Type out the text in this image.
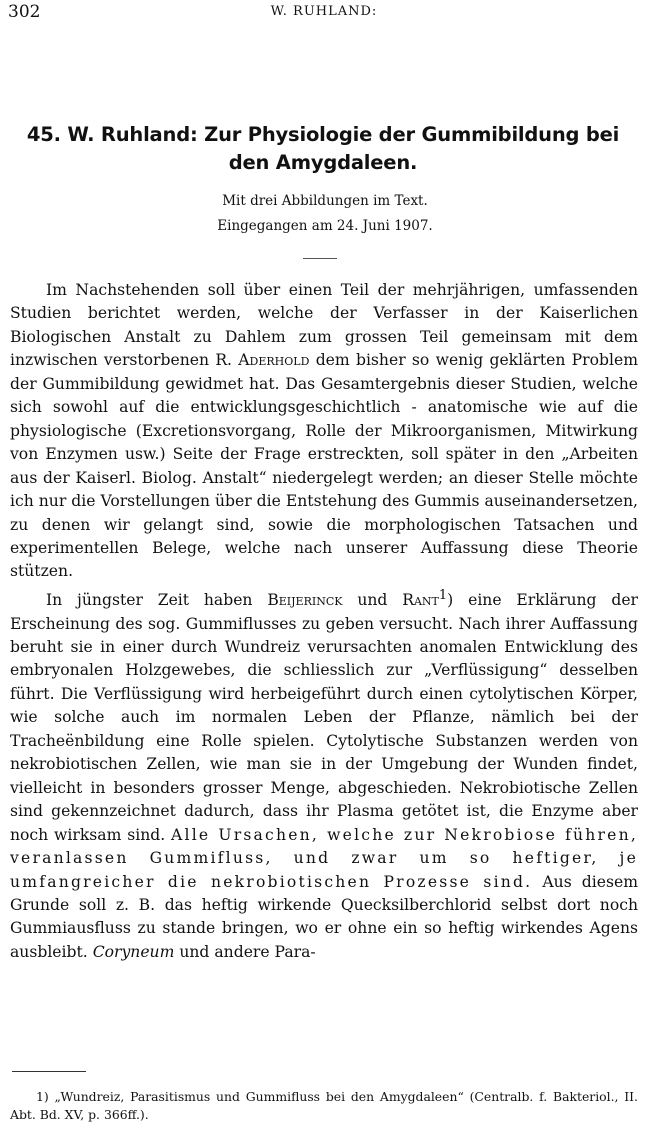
302	W. RUHLAND:
45. W. Ruhland: Zur Physiologie der Gummibildung bei den Amygdaleen.
Mit drei Abbildungen im Text.
Eingegangen am 24. Juni 1907.

Im Nachstehenden soll über einen Teil der mehrjährigen, umfassenden Studien berichtet werden, welche der Verfasser in der Kaiserlichen Biologischen Anstalt zu Dahlem zum grossen Teil gemeinsam mit dem inzwischen verstorbenen R. Aderhold dem bisher so wenig geklärten Problem der Gummibildung gewidmet hat. Das Gesamtergebnis dieser Studien, welche sich sowohl auf die entwicklungsgeschichtlich - anatomische wie auf die physiologische (Excretionsvorgang, Rolle der Mikroorganismen, Mitwirkung von Enzymen usw.) Seite der Frage erstreckten, soll später in den „Arbeiten aus der Kaiserl. Biolog. Anstalt“ niedergelegt werden; an dieser Stelle möchte ich nur die Vorstellungen über die Entstehung des Gummis auseinandersetzen, zu denen wir gelangt sind, sowie die morphologischen Tatsachen und experimentellen Belege, welche nach unserer Auffassung diese Theorie stützen.

In jüngster Zeit haben Beijerinck und Rant$^1$) eine Erklärung der Erscheinung des sog. Gummiflusses zu geben versucht. Nach ihrer Auffassung beruht sie in einer durch Wundreiz verursachten anomalen Entwicklung des embryonalen Holzgewebes, die schliesslich zur „Verflüssigung“ desselben führt. Die Verflüssigung wird herbeigeführt durch einen cytolytischen Körper, wie solche auch im normalen Leben der Pflanze, nämlich bei der Tracheënbildung eine Rolle spielen. Cytolytische Substanzen werden von nekrobiotischen Zellen, wie man sie in der Umgebung der Wunden findet, vielleicht in besonders grosser Menge, abgeschieden. Nekrobiotische Zellen sind gekennzeichnet dadurch, dass ihr Plasma getötet ist, die Enzyme aber noch wirksam sind. Alle Ursachen, welche zur Nekrobiose führen, veranlassen Gummifluss, und zwar um so heftiger, je umfangreicher die nekrobiotischen Prozesse sind. Aus diesem Grunde soll z. B. das heftig wirkende Quecksilberchlorid selbst dort noch Gummiausfluss zu stande bringen, wo er ohne ein so heftig wirkendes Agens ausbleibt. Coryneum und andere Para-

1) „Wundreiz, Parasitismus und Gummifluss bei den Amygdaleen“ (Centralb. f. Bakteriol., II. Abt. Bd. XV, p. 366ff.).
